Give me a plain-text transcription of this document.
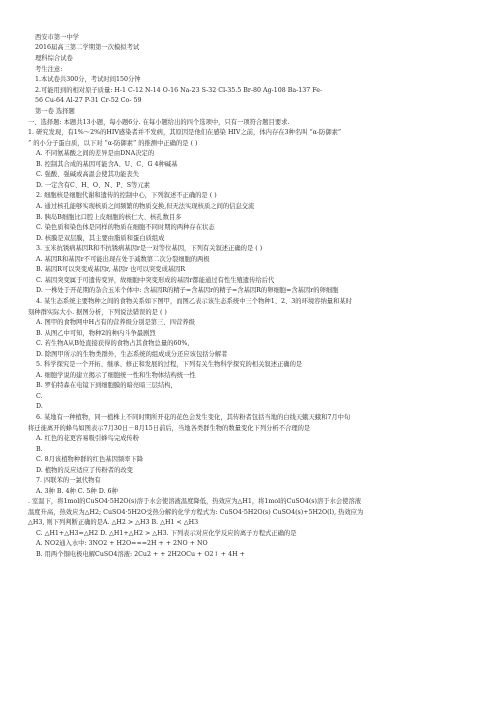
西安市第一中学
2016届高三第二学期第一次模拟考试
理科综合试卷
考生注意:
1.本试卷共300分，考试时间150分钟
2.可能用到的相对原子质量: H-1 C-12 N-14 O-16 Na-23 S-32 Cl-35.5 Br-80 Ag-108 Ba-137 Fe-
56 Cu-64 Al-27 P-31 Cr-52 Co- 59
第一卷 选择题
一、选择题: 本题共13小题，每小题6分. 在每小题给出的四个选项中，只有一项符合题目要求.
1. 研究发现，有1%～2%的HIV感染者并不发病，其原因是他们在感染 HIV之前，体内存在3种名叫 “α-防御素”
” 的小分子蛋白质，以下对 “α-防御素” 的推测中正确的是 ( )
A. 不同氨基酸之间的差异是由DNA决定的
B. 控制其合成的基因可能含A、U、C、G 4种碱基
C. 强酸、强碱或高温会使其功能丧失
D. 一定含有C、H、O、N、P、S等元素
2. 细胞核是细胞代谢和遗传的控制中心，下列叙述不正确的是 ( )
A. 通过核孔能够实现核质之间频繁的物质交换,但无法实现核质之间的信息交流
B. 胰岛B细胞比口腔上皮细胞的核仁大、核孔数目多
C. 染色质和染色体是同样的物质在细胞不同时期的两种存在状态
D. 核膜是双层膜，其主要由脂质和蛋白质组成
3. 玉米抗锈病基因R和不抗锈病基因r是一对等位基因，下列有关叙述正确的是 ( )
A. 基因R和基因r不可能出现在处于减数第二次分裂细胞的两极
B. 基因R可以突变成基因r, 基因r 也可以突变成基因R
C. 基因突变属于可遗传变异，故细胞中突变形成的基因r都能通过有性生殖遗传给后代
D. 一株处于开花期的杂合玉米个体中: 含基因R的精子=含基因r的精子=含基因R的卵细胞=含基因r的卵细胞
4. 某生态系统主要物种之间的食物关系如下图甲，而图乙表示该生态系统中三个物种1、2、3的环境容纳量和某时
刻种群实际大小. 据图分析，下列说法错误的是 ( )
A. 图甲的食物网中H占有的营养级分别是第三、四营养级
B. 从图乙中可知，物种2的种内斗争最剧烈
C. 若生物A从B处直接获得的食物占其食物总量的60%,
D. 除图甲所示的生物类群外，生态系统的组成成分还应该包括分解者
5. 科学探究是一个开拓、继承、修正和发展的过程，下列有关生物科学探究的相关叙述正确的是
A. 细胞学说的建立揭示了细胞统一性和生物体结构统一性
B. 罗伯特森在电镜下到细胞膜的暗亮暗三层结构，
C.
D.
6. 某地有一种植物，同一植株上不同时期所开花的花色会发生变化，其传粉者包括当地的白线天蛾天蛾和7月中旬
将迁徙离开的蜂鸟如图表示7月30日－8月15日前后，当地各类群生物的数量变化下列分析不合理的是
A. 红色的花更容易吸引蜂鸟完成传粉
B.
C. 8月该植物种群的红色基因频率下降
D. 植物的反应适应了传粉者的改变
7. 四联苯的一氯代物有
A. 3种 B. 4种 C. 5种 D. 6种
. 室温下，将1mol的CuSO4·5H2O(s)溶于水会使溶液温度降低，热效应为△H1，将1mol的CuSO4(s)溶于水会使溶液
温度升高，热效应为△H2; CuSO4·5H2O受热分解的化学方程式为: CuSO4·5H2O(s) CuSO4(s)+5H2O(l), 热效应为
△H3, 则下列判断正确的是A. △H2 > △H3 B. △H1 < △H3
C. △H1+△H3=△H2 D. △H1+△H2 > △H3. 下列表示对应化学反应的离子方程式正确的是
A. NO2通入水中: 3NO2 + H2O===2H + + 2NO + NO
B. 用两个铜电极电解CuSO4溶液: 2Cu2 + + 2H2OCu + O2↑ + 4H +
